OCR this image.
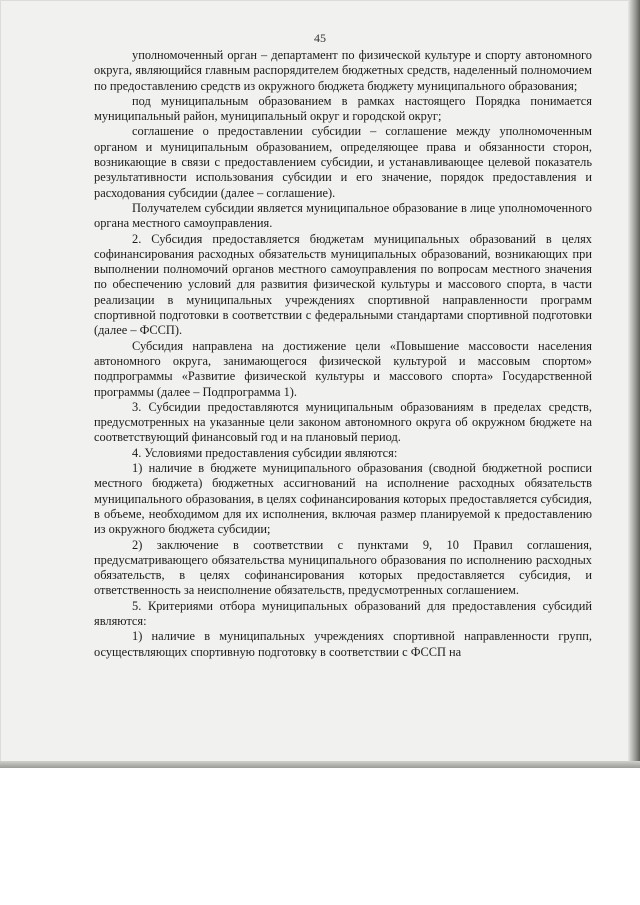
45

уполномоченный орган – департамент по физической культуре и спорту автономного округа, являющийся главным распорядителем бюджетных средств, наделенный полномочием по предоставлению средств из окружного бюджета бюджету муниципального образования;

под муниципальным образованием в рамках настоящего Порядка понимается муниципальный район, муниципальный округ и городской округ;

соглашение о предоставлении субсидии – соглашение между уполномоченным органом и муниципальным образованием, определяющее права и обязанности сторон, возникающие в связи с предоставлением субсидии, и устанавливающее целевой показатель результативности использования субсидии и его значение, порядок предоставления и расходования субсидии (далее – соглашение).

Получателем субсидии является муниципальное образование в лице уполномоченного органа местного самоуправления.

2. Субсидия предоставляется бюджетам муниципальных образований в целях софинансирования расходных обязательств муниципальных образований, возникающих при выполнении полномочий органов местного самоуправления по вопросам местного значения по обеспечению условий для развития физической культуры и массового спорта, в части реализации в муниципальных учреждениях спортивной направленности программ спортивной подготовки в соответствии с федеральными стандартами спортивной подготовки (далее – ФССП).

Субсидия направлена на достижение цели «Повышение массовости населения автономного округа, занимающегося физической культурой и массовым спортом» подпрограммы «Развитие физической культуры и массового спорта» Государственной программы (далее – Подпрограмма 1).

3. Субсидии предоставляются муниципальным образованиям в пределах средств, предусмотренных на указанные цели законом автономного округа об окружном бюджете на соответствующий финансовый год и на плановый период.

4. Условиями предоставления субсидии являются:

1) наличие в бюджете муниципального образования (сводной бюджетной росписи местного бюджета) бюджетных ассигнований на исполнение расходных обязательств муниципального образования, в целях софинансирования которых предоставляется субсидия, в объеме, необходимом для их исполнения, включая размер планируемой к предоставлению из окружного бюджета субсидии;

2) заключение в соответствии с пунктами 9, 10 Правил соглашения, предусматривающего обязательства муниципального образования по исполнению расходных обязательств, в целях софинансирования которых предоставляется субсидия, и ответственность за неисполнение обязательств, предусмотренных соглашением.

5. Критериями отбора муниципальных образований для предоставления субсидий являются:

1) наличие в муниципальных учреждениях спортивной направленности групп, осуществляющих спортивную подготовку в соответствии с ФССП на
